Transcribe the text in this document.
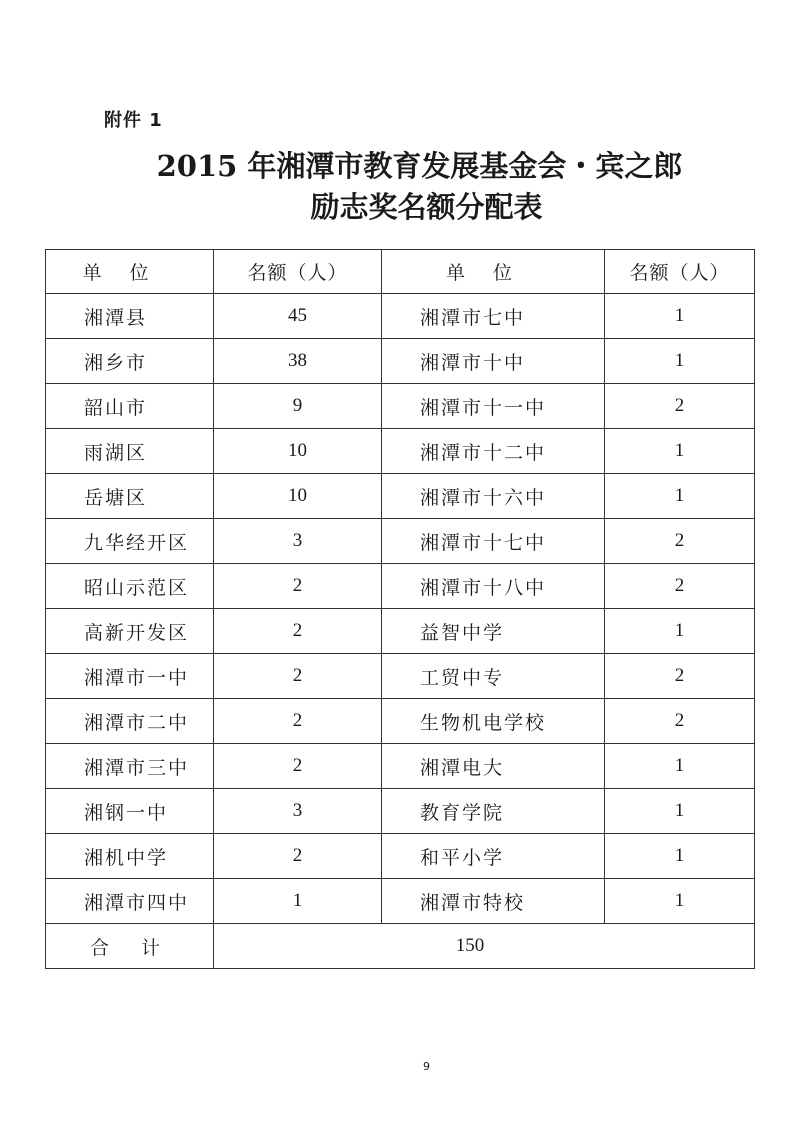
附件 1
2015 年湘潭市教育发展基金会・宾之郎
励志奖名额分配表
单位	名额（人）	单位	名额（人）
湘潭县	45	湘潭市七中	1
湘乡市	38	湘潭市十中	1
韶山市	9	湘潭市十一中	2
雨湖区	10	湘潭市十二中	1
岳塘区	10	湘潭市十六中	1
九华经开区	3	湘潭市十七中	2
昭山示范区	2	湘潭市十八中	2
高新开发区	2	益智中学	1
湘潭市一中	2	工贸中专	2
湘潭市二中	2	生物机电学校	2
湘潭市三中	2	湘潭电大	1
湘钢一中	3	教育学院	1
湘机中学	2	和平小学	1
湘潭市四中	1	湘潭市特校	1
合计	150		
9
